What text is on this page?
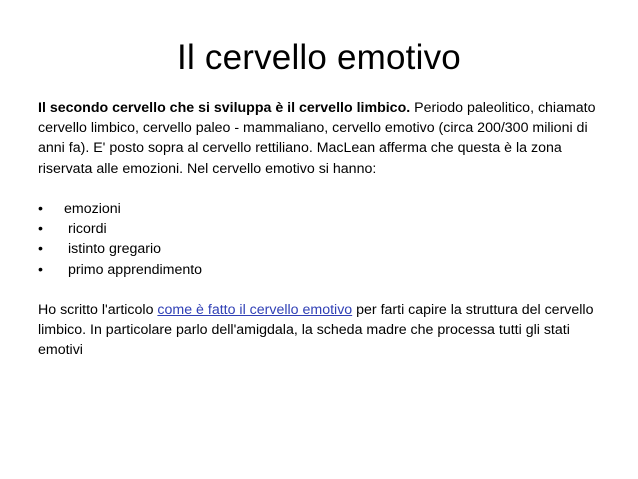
Il cervello emotivo

Il secondo cervello che si sviluppa è il cervello limbico. Periodo paleolitico, chiamato cervello limbico, cervello paleo - mammaliano, cervello emotivo (circa 200/300 milioni di anni fa). E' posto sopra al cervello rettiliano. MacLean afferma che questa è la zona riservata alle emozioni. Nel cervello emotivo si hanno:

• emozioni
• ricordi
• istinto gregario
• primo apprendimento

Ho scritto l'articolo come è fatto il cervello emotivo per farti capire la struttura del cervello limbico. In particolare parlo dell'amigdala, la scheda madre che processa tutti gli stati emotivi
